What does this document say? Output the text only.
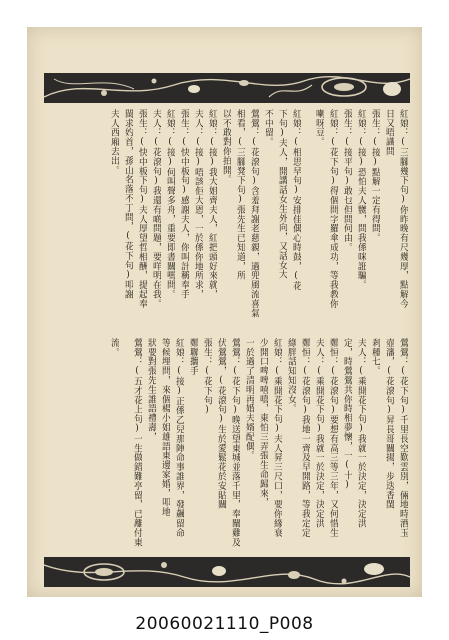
紅娘：(三腳幾下句)你昨晚有尺幾厚，點解今
日又唔識問
張生：(接)點解一定有得問。
紅娘：(接)恐怕夫人嬲，問我係咪誑騙。
張生：(接平句)敢乜但問何由。
紅娘：(花下句)得個問字羅傘成功，等我教你
喇呀豆。
紅娘：(相思早句)安排佳偶心時鼓，(花
下句)夫人，開講話女生外向，又話女大
不中留。
鶯鶯：(花滾句)含羞拜謝老慈親，過兜風流喜氣
相看，(三腳凳下句)張先生已知道，所
以不敢對你拍開。
紅娘：(接)我大姐齊夫人，紅把頭好來就，
夫人：(接)唔該佢大恩，一於係你地所求，
張生：(快中板句)感謝夫人，你叫計稱奉手
紅娘：(接)何叫聲多舟，重要即書關嗎問。
夫人：(花滾句)我還有啲問題，要咩明在我。
張生：(快中板下句)夫人厚望哲相酬，提起奉
閩求妁首，孫山名落不丁問，(花下句)叩謝
夫人西廂去出。
鶯鶯：(花下句)千里長空歎雲別，倆地時酒玉
壺瀋，(花滾句)昇長哥關揚，步迭香閨
剎種七。
夫人：(乘開花下句)我就一於決定，決定洪
定，時鶯鶯共你時相夢懷，一(十)
鄭恒：(花滾句)要想有高三等三年，又何惜生
夫人：(乘開花下句)我就一於決定，決定洪
鄭恒：(花滾句)我地一齊及早開路，等我定定
綠胖話知知沒女。
紅娘：(乘開花下句)夫人昇三尺口，要你緣衰
少開口啤啤嘻嘻，東怕三弄張生命歸來，
一於過了清明再婚夫婿配偶。
鶯鶯：(花下句)晚送望東城並落千里，奉闡雞及
伏鶯鶯，(花滾句)生於愛鬆花於安貼關
張生：(花下句)
鄭聯攜手
紅娘：(接)正係乙兒那陣命事誰界，發飆留命
等候埋問，來個楊小姐雄語東邊家婚，叩地
狀要對張先生誰語禮壽，
鶯鶯：(五才花上句)一生做錯難亭留，已離付東
流。
20060021110_P008
